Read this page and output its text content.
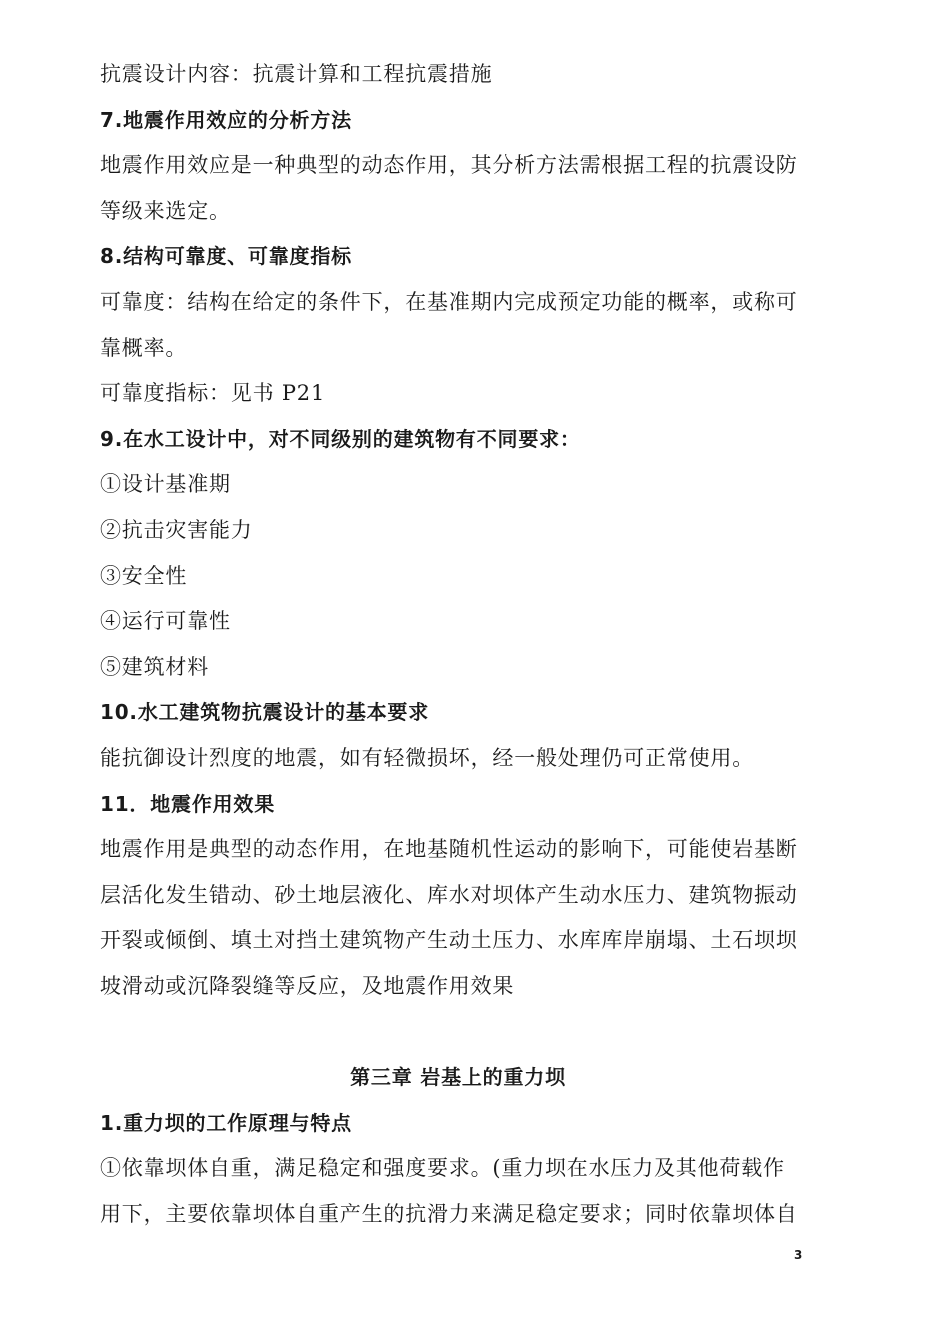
抗震设计内容：抗震计算和工程抗震措施
7.地震作用效应的分析方法
地震作用效应是一种典型的动态作用，其分析方法需根据工程的抗震设防
等级来选定。
8.结构可靠度、可靠度指标
可靠度：结构在给定的条件下，在基准期内完成预定功能的概率，或称可
靠概率。
可靠度指标：见书 P21
9.在水工设计中，对不同级别的建筑物有不同要求：
①设计基准期
②抗击灾害能力
③安全性
④运行可靠性
⑤建筑材料
10.水工建筑物抗震设计的基本要求
能抗御设计烈度的地震，如有轻微损坏，经一般处理仍可正常使用。
11．地震作用效果
地震作用是典型的动态作用，在地基随机性运动的影响下，可能使岩基断
层活化发生错动、砂土地层液化、库水对坝体产生动水压力、建筑物振动
开裂或倾倒、填土对挡土建筑物产生动土压力、水库库岸崩塌、土石坝坝
坡滑动或沉降裂缝等反应，及地震作用效果
第三章 岩基上的重力坝
1.重力坝的工作原理与特点
①依靠坝体自重，满足稳定和强度要求。(重力坝在水压力及其他荷载作
用下，主要依靠坝体自重产生的抗滑力来满足稳定要求；同时依靠坝体自
3
